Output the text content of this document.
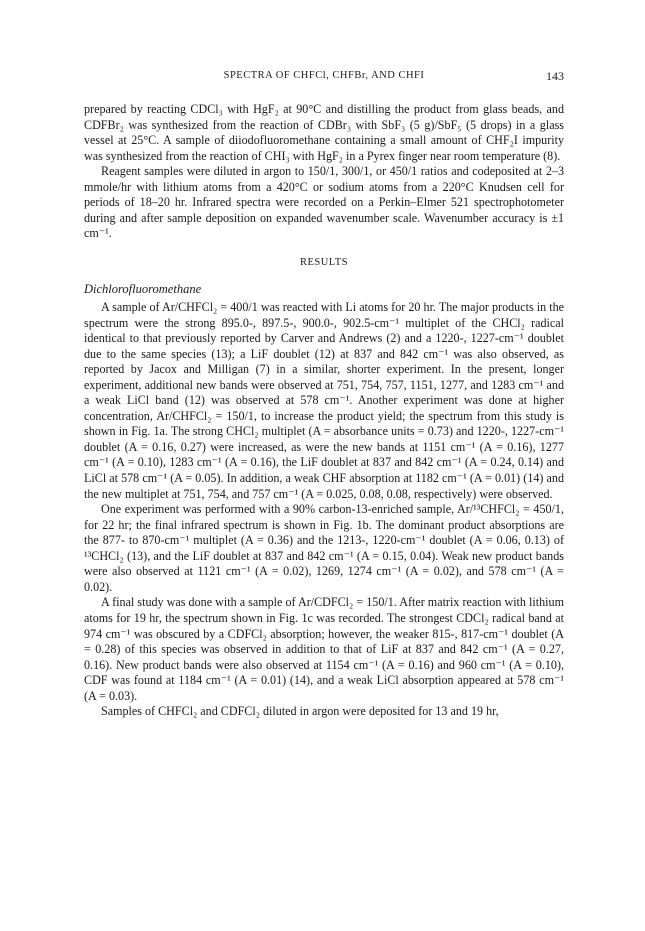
SPECTRA OF CHFCl, CHFBr, AND CHFI	143

prepared by reacting CDCl₃ with HgF₂ at 90°C and distilling the product from glass beads, and CDFBr₂ was synthesized from the reaction of CDBr₃ with SbF₃ (5 g)/SbF₅ (5 drops) in a glass vessel at 25°C. A sample of diiodofluoromethane containing a small amount of CHF₂I impurity was synthesized from the reaction of CHI₃ with HgF₂ in a Pyrex finger near room temperature (8).

Reagent samples were diluted in argon to 150/1, 300/1, or 450/1 ratios and codeposited at 2–3 mmole/hr with lithium atoms from a 420°C or sodium atoms from a 220°C Knudsen cell for periods of 18–20 hr. Infrared spectra were recorded on a Perkin–Elmer 521 spectrophotometer during and after sample deposition on expanded wavenumber scale. Wavenumber accuracy is ±1 cm⁻¹.

RESULTS
Dichlorofluoromethane

A sample of Ar/CHFCl₂ = 400/1 was reacted with Li atoms for 20 hr. The major products in the spectrum were the strong 895.0-, 897.5-, 900.0-, 902.5-cm⁻¹ multiplet of the CHCl₂ radical identical to that previously reported by Carver and Andrews (2) and a 1220-, 1227-cm⁻¹ doublet due to the same species (13); a LiF doublet (12) at 837 and 842 cm⁻¹ was also observed, as reported by Jacox and Milligan (7) in a similar, shorter experiment. In the present, longer experiment, additional new bands were observed at 751, 754, 757, 1151, 1277, and 1283 cm⁻¹ and a weak LiCl band (12) was observed at 578 cm⁻¹. Another experiment was done at higher concentration, Ar/CHFCl₂ = 150/1, to increase the product yield; the spectrum from this study is shown in Fig. 1a. The strong CHCl₂ multiplet (A = absorbance units = 0.73) and 1220-, 1227-cm⁻¹ doublet (A = 0.16, 0.27) were increased, as were the new bands at 1151 cm⁻¹ (A = 0.16), 1277 cm⁻¹ (A = 0.10), 1283 cm⁻¹ (A = 0.16), the LiF doublet at 837 and 842 cm⁻¹ (A = 0.24, 0.14) and LiCl at 578 cm⁻¹ (A = 0.05). In addition, a weak CHF absorption at 1182 cm⁻¹ (A = 0.01) (14) and the new multiplet at 751, 754, and 757 cm⁻¹ (A = 0.025, 0.08, 0.08, respectively) were observed.

One experiment was performed with a 90% carbon-13-enriched sample, Ar/¹³CHFCl₂ = 450/1, for 22 hr; the final infrared spectrum is shown in Fig. 1b. The dominant product absorptions are the 877- to 870-cm⁻¹ multiplet (A = 0.36) and the 1213-, 1220-cm⁻¹ doublet (A = 0.06, 0.13) of ¹³CHCl₂ (13), and the LiF doublet at 837 and 842 cm⁻¹ (A = 0.15, 0.04). Weak new product bands were also observed at 1121 cm⁻¹ (A = 0.02), 1269, 1274 cm⁻¹ (A = 0.02), and 578 cm⁻¹ (A = 0.02).

A final study was done with a sample of Ar/CDFCl₂ = 150/1. After matrix reaction with lithium atoms for 19 hr, the spectrum shown in Fig. 1c was recorded. The strongest CDCl₂ radical band at 974 cm⁻¹ was obscured by a CDFCl₂ absorption; however, the weaker 815-, 817-cm⁻¹ doublet (A = 0.28) of this species was observed in addition to that of LiF at 837 and 842 cm⁻¹ (A = 0.27, 0.16). New product bands were also observed at 1154 cm⁻¹ (A = 0.16) and 960 cm⁻¹ (A = 0.10), CDF was found at 1184 cm⁻¹ (A = 0.01) (14), and a weak LiCl absorption appeared at 578 cm⁻¹ (A = 0.03).

Samples of CHFCl₂ and CDFCl₂ diluted in argon were deposited for 13 and 19 hr,
